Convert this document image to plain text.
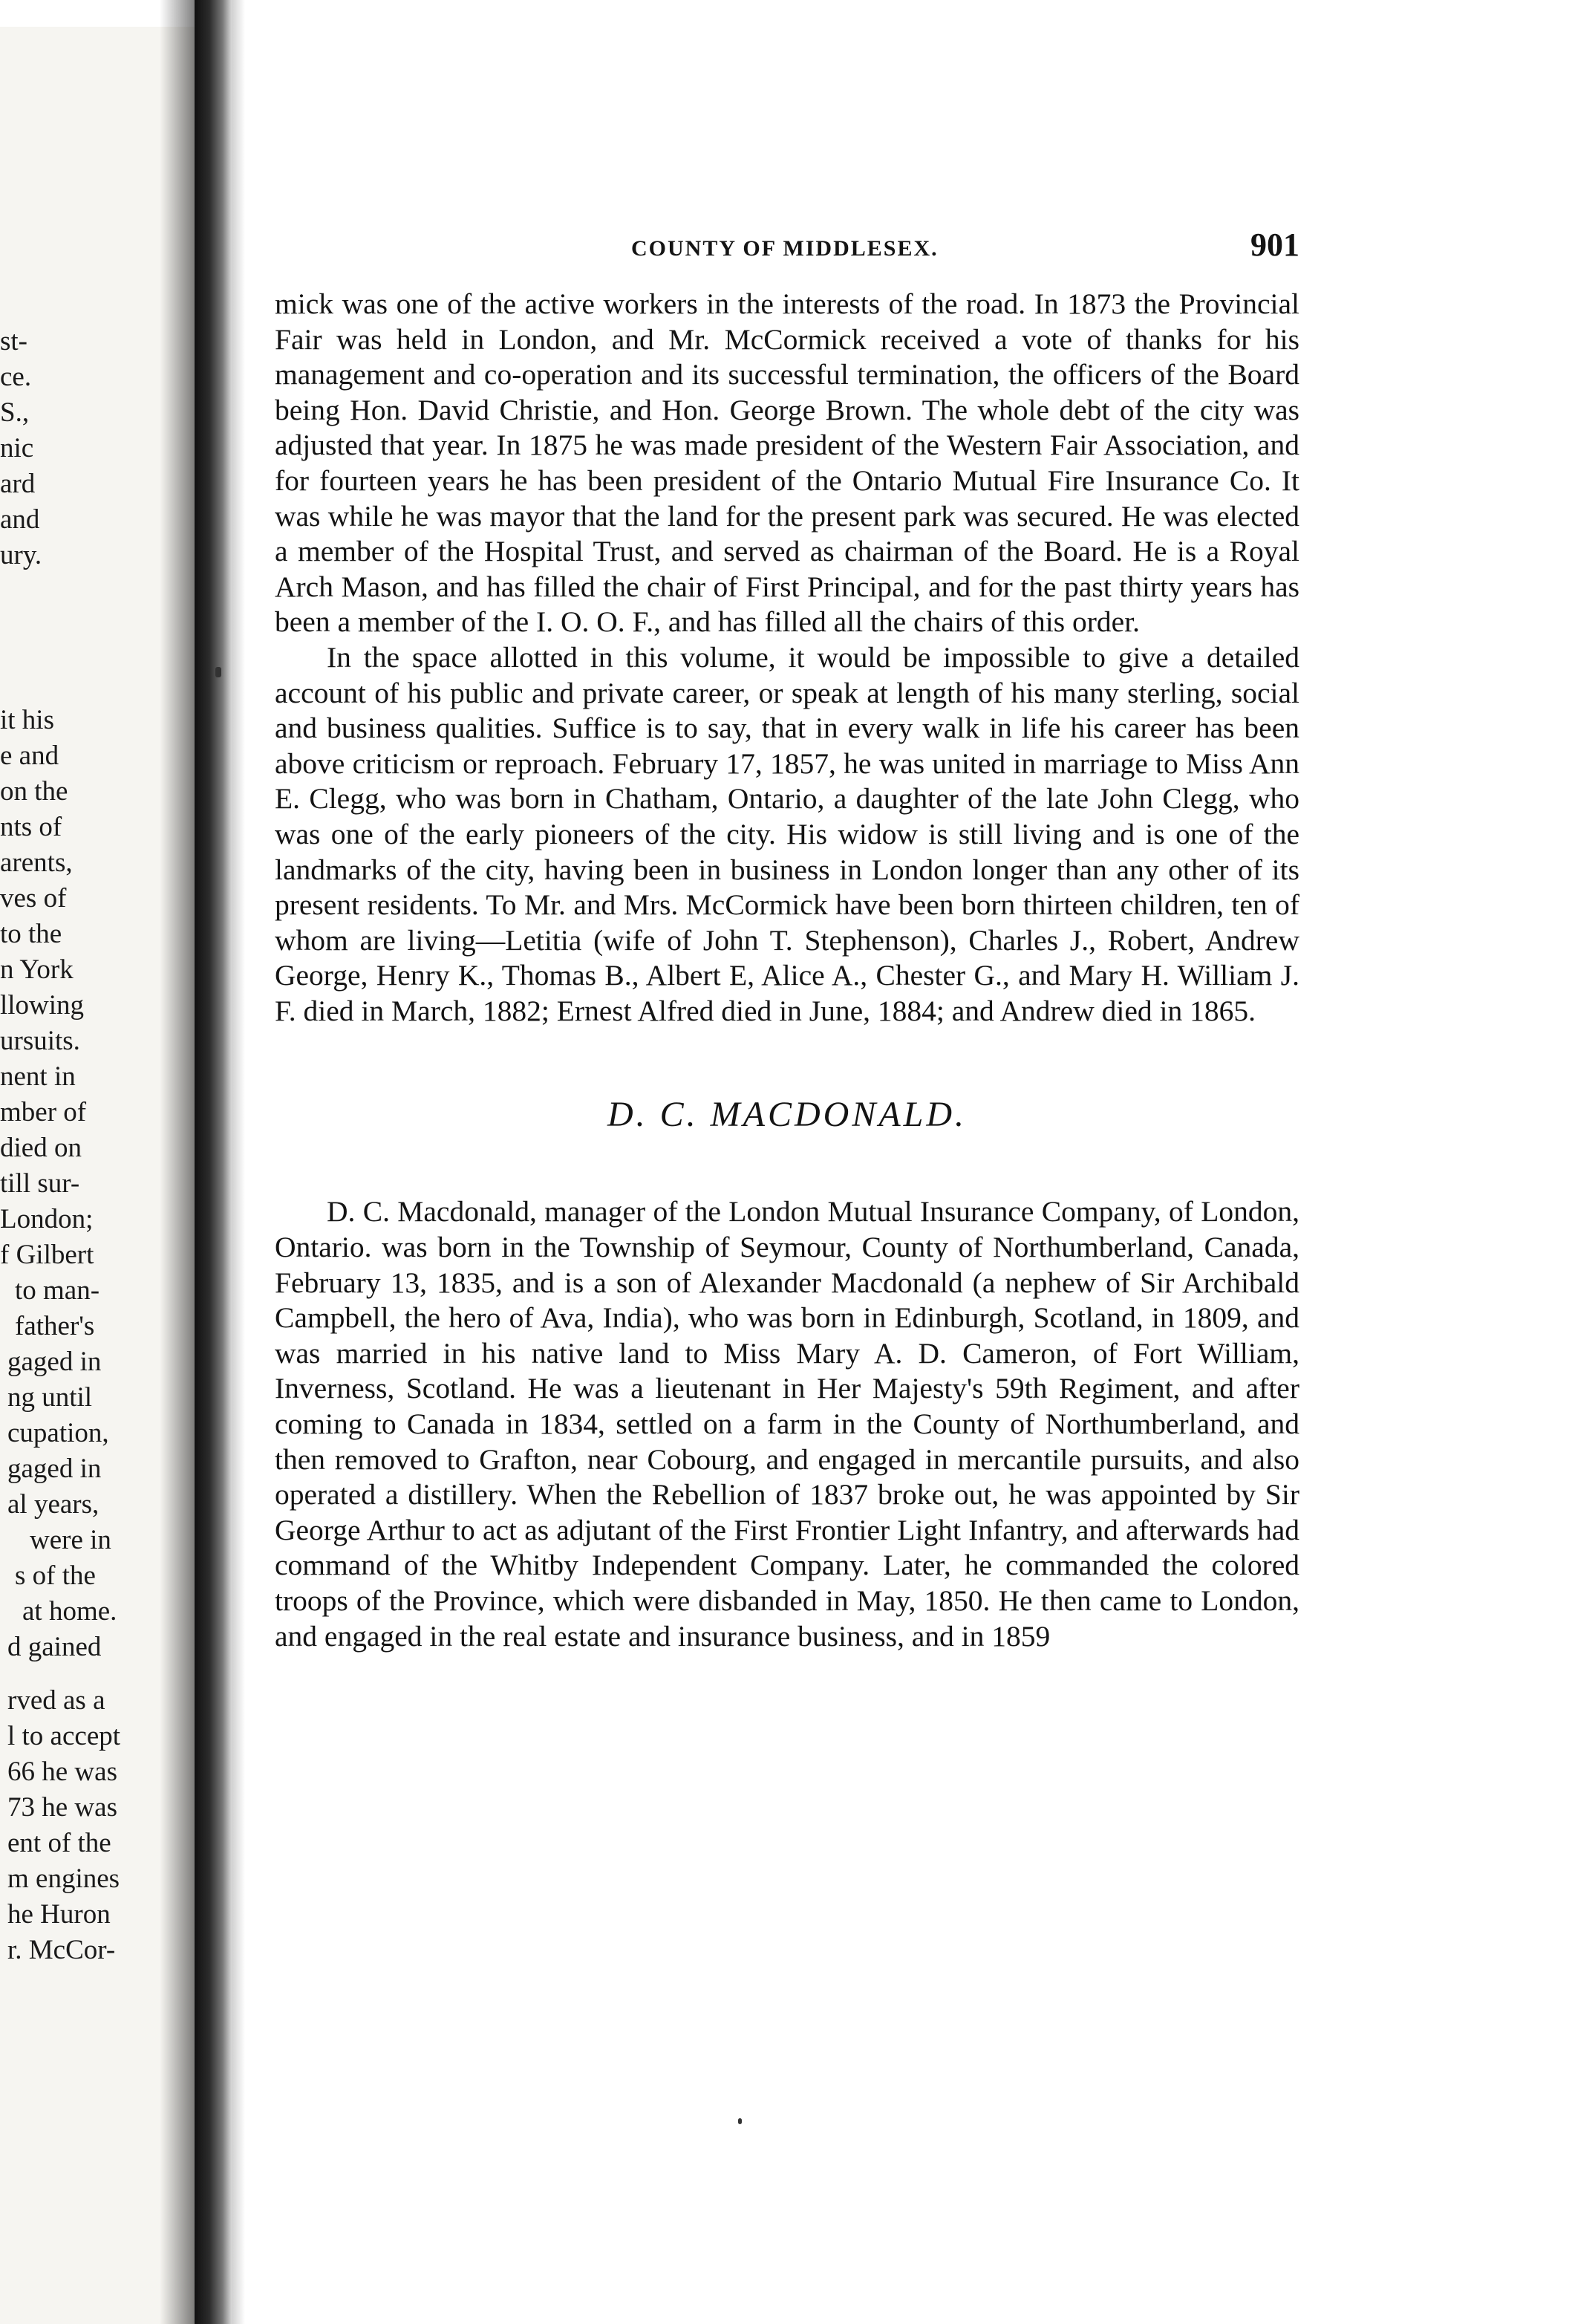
st-
ce.
S.,
nic
ard
and
ury.
it his
e and
on the
nts of
arents,
ves of
to the
n York
llowing
ursuits.
nent in
mber of
died on
till sur-
London;
f Gilbert
to man-
father's
gaged in
ng until
cupation,
gaged in
al years,
were in
s of the
at home.
d gained
rved as a
l to accept
66 he was
73 he was
ent of the
m engines
he Huron
r. McCor-
COUNTY OF MIDDLESEX.	901

mick was one of the active workers in the interests of the road. In 1873 the Provincial Fair was held in London, and Mr. McCormick received a vote of thanks for his management and co-operation and its successful termination, the officers of the Board being Hon. David Christie, and Hon. George Brown. The whole debt of the city was adjusted that year. In 1875 he was made president of the Western Fair Association, and for fourteen years he has been president of the Ontario Mutual Fire Insurance Co. It was while he was mayor that the land for the present park was secured. He was elected a member of the Hospital Trust, and served as chairman of the Board. He is a Royal Arch Mason, and has filled the chair of First Principal, and for the past thirty years has been a member of the I. O. O. F., and has filled all the chairs of this order.

In the space allotted in this volume, it would be impossible to give a detailed account of his public and private career, or speak at length of his many sterling, social and business qualities. Suffice is to say, that in every walk in life his career has been above criticism or reproach. February 17, 1857, he was united in marriage to Miss Ann E. Clegg, who was born in Chatham, Ontario, a daughter of the late John Clegg, who was one of the early pioneers of the city. His widow is still living and is one of the landmarks of the city, having been in business in London longer than any other of its present residents. To Mr. and Mrs. McCormick have been born thirteen children, ten of whom are living—Letitia (wife of John T. Stephenson), Charles J., Robert, Andrew George, Henry K., Thomas B., Albert E, Alice A., Chester G., and Mary H. William J. F. died in March, 1882; Ernest Alfred died in June, 1884; and Andrew died in 1865.

D. C. MACDONALD.

D. C. Macdonald, manager of the London Mutual Insurance Company, of London, Ontario. was born in the Township of Seymour, County of Northumberland, Canada, February 13, 1835, and is a son of Alexander Macdonald (a nephew of Sir Archibald Campbell, the hero of Ava, India), who was born in Edinburgh, Scotland, in 1809, and was married in his native land to Miss Mary A. D. Cameron, of Fort William, Inverness, Scotland. He was a lieutenant in Her Majesty's 59th Regiment, and after coming to Canada in 1834, settled on a farm in the County of Northumberland, and then removed to Grafton, near Cobourg, and engaged in mercantile pursuits, and also operated a distillery. When the Rebellion of 1837 broke out, he was appointed by Sir George Arthur to act as adjutant of the First Frontier Light Infantry, and afterwards had command of the Whitby Independent Company. Later, he commanded the colored troops of the Province, which were disbanded in May, 1850. He then came to London, and engaged in the real estate and insurance business, and in 1859
